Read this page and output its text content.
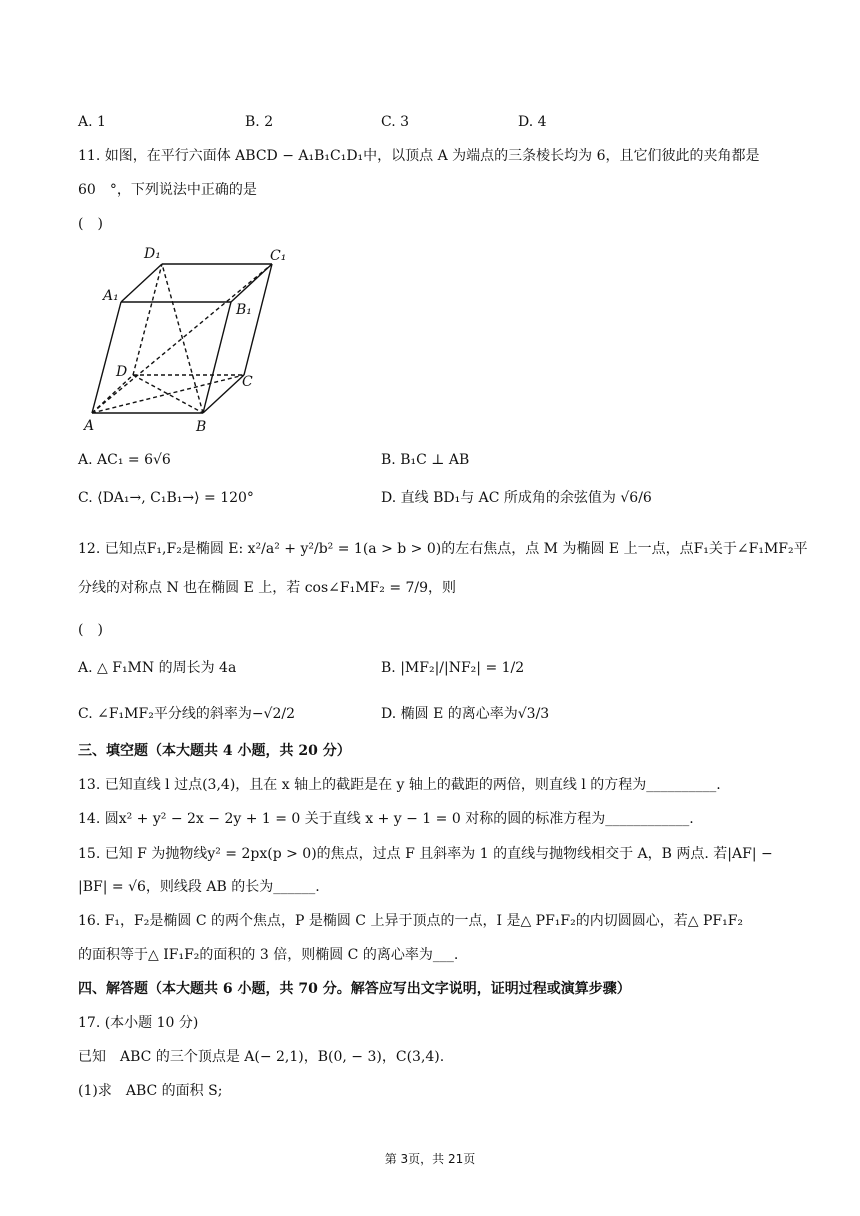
A. 1	B. 2	C. 3	D. 4
11. 如图，在平行六面体 ABCD − A₁B₁C₁D₁中，以顶点 A 为端点的三条棱长均为 6，且它们彼此的夹角都是
60　°，下列说法中正确的是
(　)
D₁	C₁
A₁
B₁
D
C
A	B
A. AC₁ = 6√6	B. B₁C ⊥ AB
C. ⟨DA₁→, C₁B₁→⟩ = 120°	D. 直线 BD₁与 AC 所成角的余弦值为 √6/6
12. 已知点F₁,F₂是椭圆 E: x²/a² + y²/b² = 1(a > b > 0)的左右焦点，点 M 为椭圆 E 上一点，点F₁关于∠F₁MF₂平
分线的对称点 N 也在椭圆 E 上，若 cos∠F₁MF₂ = 7/9，则
(　)
A. △ F₁MN 的周长为 4a	B. |MF₂|/|NF₂| = 1/2
C. ∠F₁MF₂平分线的斜率为−√2/2	D. 椭圆 E 的离心率为√3/3
三、填空题（本大题共 4 小题，共 20 分）
13. 已知直线 l 过点(3,4)，且在 x 轴上的截距是在 y 轴上的截距的两倍，则直线 l 的方程为__________.
14. 圆x² + y² − 2x − 2y + 1 = 0 关于直线 x + y − 1 = 0 对称的圆的标准方程为____________.
15. 已知 F 为抛物线y² = 2px(p > 0)的焦点，过点 F 且斜率为 1 的直线与抛物线相交于 A，B 两点. 若|AF| −
|BF| = √6，则线段 AB 的长为______.
16. F₁，F₂是椭圆 C 的两个焦点，P 是椭圆 C 上异于顶点的一点，I 是△ PF₁F₂的内切圆圆心，若△ PF₁F₂
的面积等于△ IF₁F₂的面积的 3 倍，则椭圆 C 的离心率为___.
四、解答题（本大题共 6 小题，共 70 分。解答应写出文字说明，证明过程或演算步骤）
17. (本小题 10 分)
已知　ABC 的三个顶点是 A(− 2,1)，B(0, − 3)，C(3,4).
(1)求　ABC 的面积 S;
第 3页，共 21页
